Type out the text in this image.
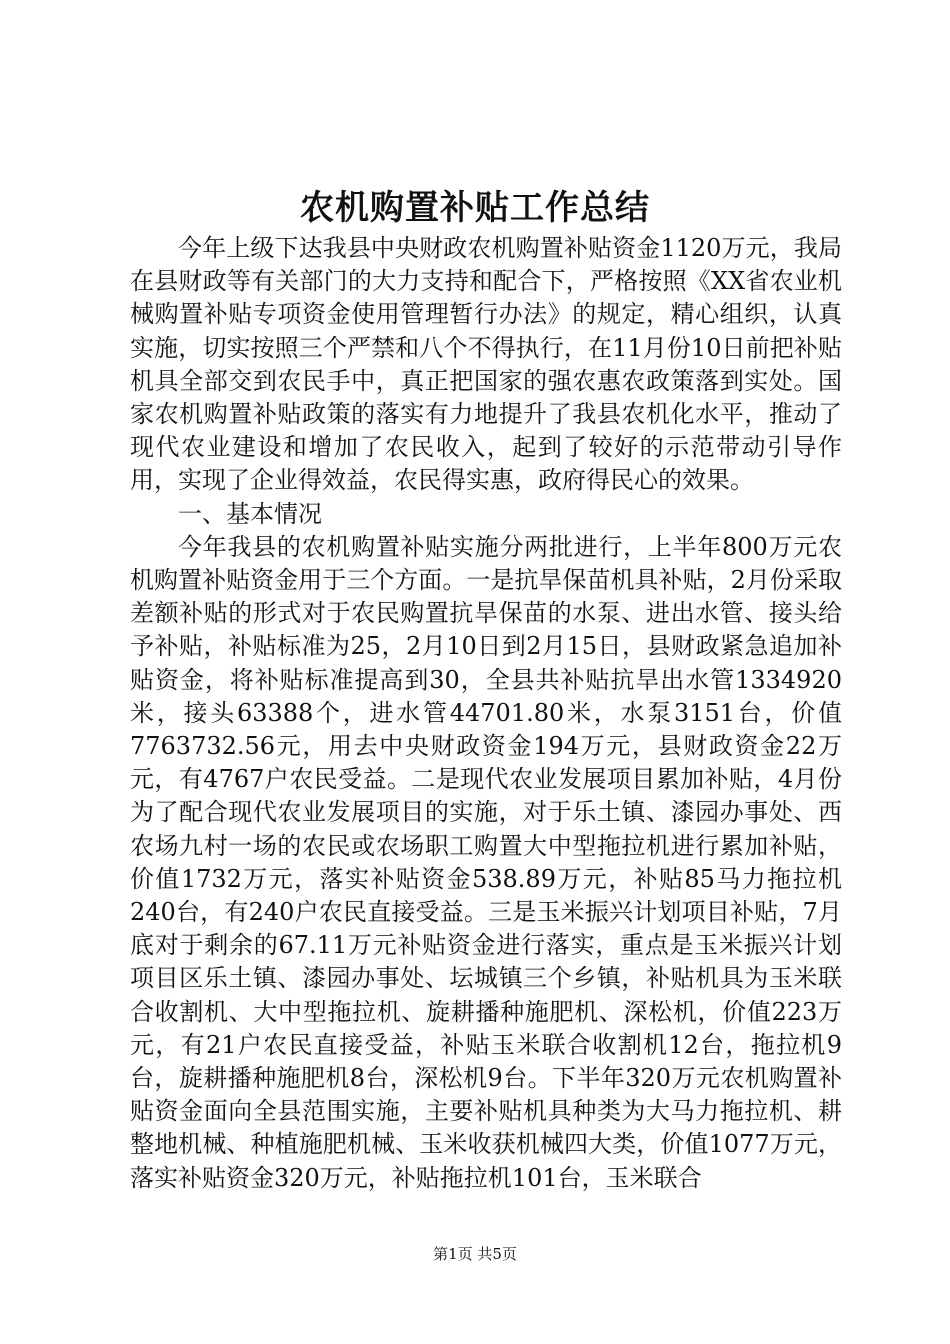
农机购置补贴工作总结

今年上级下达我县中央财政农机购置补贴资金1120万元，我局在县财政等有关部门的大力支持和配合下，严格按照《XX省农业机械购置补贴专项资金使用管理暂行办法》的规定，精心组织，认真实施，切实按照三个严禁和八个不得执行，在11月份10日前把补贴机具全部交到农民手中，真正把国家的强农惠农政策落到实处。国家农机购置补贴政策的落实有力地提升了我县农机化水平，推动了现代农业建设和增加了农民收入，起到了较好的示范带动引导作用，实现了企业得效益，农民得实惠，政府得民心的效果。

一、基本情况

今年我县的农机购置补贴实施分两批进行，上半年800万元农机购置补贴资金用于三个方面。一是抗旱保苗机具补贴，2月份采取差额补贴的形式对于农民购置抗旱保苗的水泵、进出水管、接头给予补贴，补贴标准为25，2月10日到2月15日，县财政紧急追加补贴资金，将补贴标准提高到30，全县共补贴抗旱出水管1334920米，接头63388个，进水管44701.80米，水泵3151台，价值7763732.56元，用去中央财政资金194万元，县财政资金22万元，有4767户农民受益。二是现代农业发展项目累加补贴，4月份为了配合现代农业发展项目的实施，对于乐土镇、漆园办事处、西农场九村一场的农民或农场职工购置大中型拖拉机进行累加补贴，价值1732万元，落实补贴资金538.89万元，补贴85马力拖拉机240台，有240户农民直接受益。三是玉米振兴计划项目补贴，7月底对于剩余的67.11万元补贴资金进行落实，重点是玉米振兴计划项目区乐土镇、漆园办事处、坛城镇三个乡镇，补贴机具为玉米联合收割机、大中型拖拉机、旋耕播种施肥机、深松机，价值223万元，有21户农民直接受益，补贴玉米联合收割机12台，拖拉机9台，旋耕播种施肥机8台，深松机9台。下半年320万元农机购置补贴资金面向全县范围实施，主要补贴机具种类为大马力拖拉机、耕整地机械、种植施肥机械、玉米收获机械四大类，价值1077万元，落实补贴资金320万元，补贴拖拉机101台，玉米联合

第1页 共5页
